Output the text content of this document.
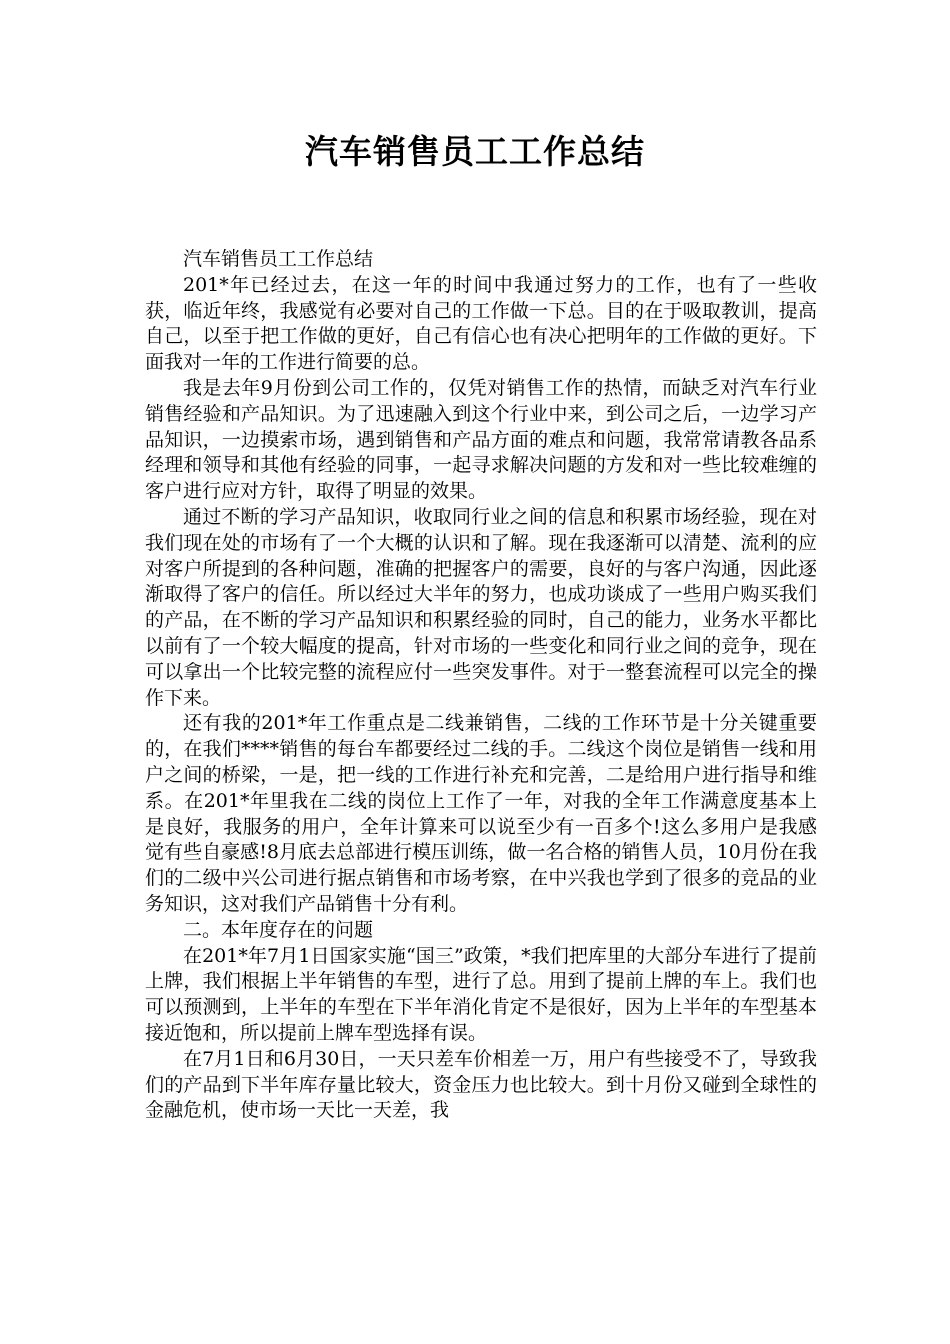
汽车销售员工工作总结

汽车销售员工工作总结

201*年已经过去，在这一年的时间中我通过努力的工作，也有了一些收获，临近年终，我感觉有必要对自己的工作做一下总。目的在于吸取教训，提高自己，以至于把工作做的更好，自己有信心也有决心把明年的工作做的更好。下面我对一年的工作进行简要的总。

我是去年9月份到公司工作的，仅凭对销售工作的热情，而缺乏对汽车行业销售经验和产品知识。为了迅速融入到这个行业中来，到公司之后，一边学习产品知识，一边摸索市场，遇到销售和产品方面的难点和问题，我常常请教各品系经理和领导和其他有经验的同事，一起寻求解决问题的方发和对一些比较难缠的客户进行应对方针，取得了明显的效果。

通过不断的学习产品知识，收取同行业之间的信息和积累市场经验，现在对我们现在处的市场有了一个大概的认识和了解。现在我逐渐可以清楚、流利的应对客户所提到的各种问题，准确的把握客户的需要，良好的与客户沟通，因此逐渐取得了客户的信任。所以经过大半年的努力，也成功谈成了一些用户购买我们的产品，在不断的学习产品知识和积累经验的同时，自己的能力，业务水平都比以前有了一个较大幅度的提高，针对市场的一些变化和同行业之间的竞争，现在可以拿出一个比较完整的流程应付一些突发事件。对于一整套流程可以完全的操作下来。

还有我的201*年工作重点是二线兼销售，二线的工作环节是十分关键重要的，在我们****销售的每台车都要经过二线的手。二线这个岗位是销售一线和用户之间的桥梁，一是，把一线的工作进行补充和完善，二是给用户进行指导和维系。在201*年里我在二线的岗位上工作了一年，对我的全年工作满意度基本上是良好，我服务的用户，全年计算来可以说至少有一百多个!这么多用户是我感觉有些自豪感!8月底去总部进行模压训练，做一名合格的销售人员，10月份在我们的二级中兴公司进行据点销售和市场考察，在中兴我也学到了很多的竞品的业务知识，这对我们产品销售十分有利。

二。本年度存在的问题

在201*年7月1日国家实施“国三”政策，*我们把库里的大部分车进行了提前上牌，我们根据上半年销售的车型，进行了总。用到了提前上牌的车上。我们也可以预测到，上半年的车型在下半年消化肯定不是很好，因为上半年的车型基本接近饱和，所以提前上牌车型选择有误。

在7月1日和6月30日，一天只差车价相差一万，用户有些接受不了，导致我们的产品到下半年库存量比较大，资金压力也比较大。到十月份又碰到全球性的金融危机，使市场一天比一天差，我
